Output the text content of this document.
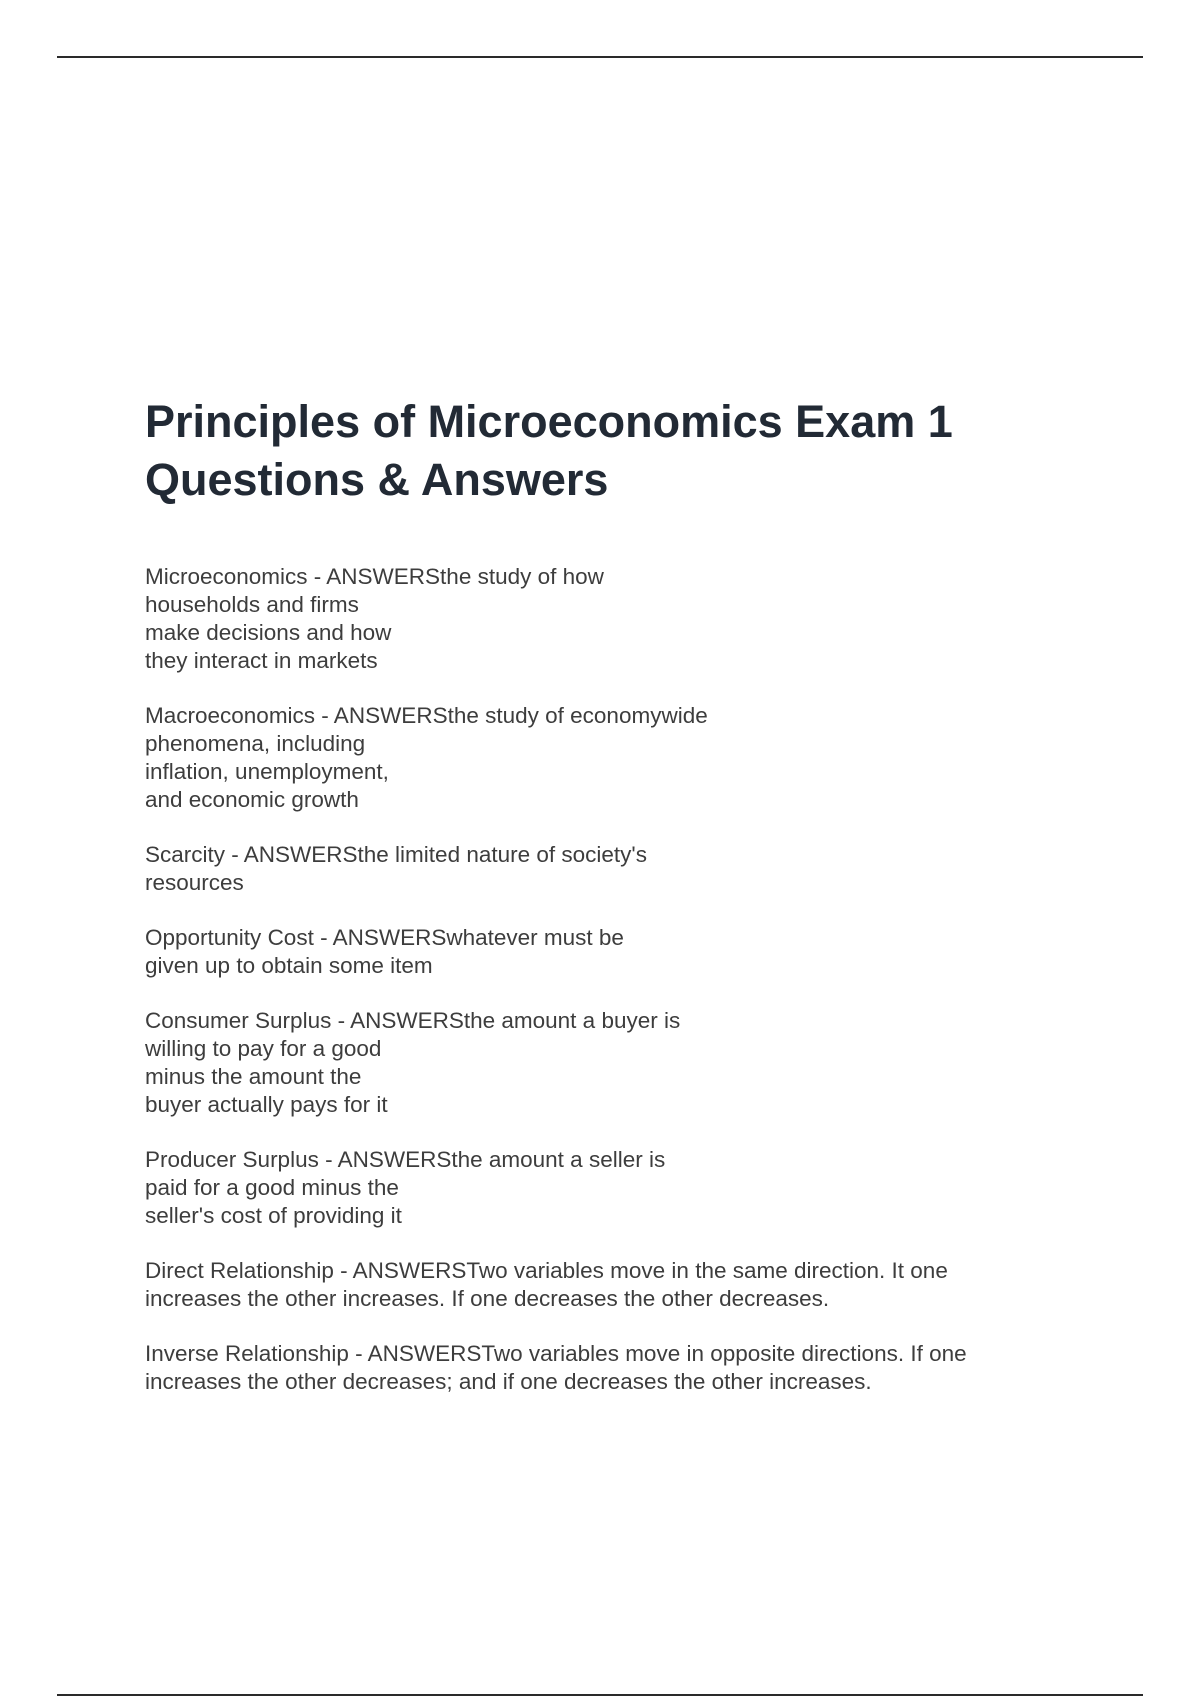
Principles of Microeconomics Exam 1
Questions & Answers
Microeconomics - ANSWERSthe study of how
households and firms
make decisions and how
they interact in markets
Macroeconomics - ANSWERSthe study of economywide
phenomena, including
inflation, unemployment,
and economic growth
Scarcity - ANSWERSthe limited nature of society's
resources
Opportunity Cost - ANSWERSwhatever must be
given up to obtain some item
Consumer Surplus - ANSWERSthe amount a buyer is
willing to pay for a good
minus the amount the
buyer actually pays for it
Producer Surplus - ANSWERSthe amount a seller is
paid for a good minus the
seller's cost of providing it
Direct Relationship - ANSWERSTwo variables move in the same direction. It one
increases the other increases. If one decreases the other decreases.
Inverse Relationship - ANSWERSTwo variables move in opposite directions. If one
increases the other decreases; and if one decreases the other increases.
